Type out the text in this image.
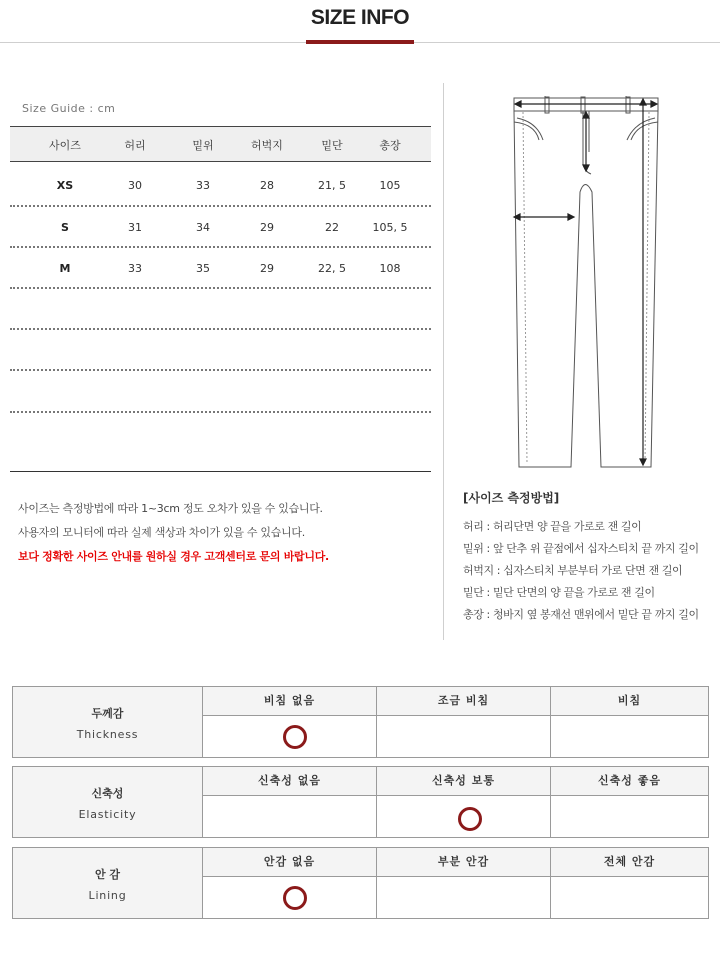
SIZE INFO
Size Guide : cm
사이즈	허리	밑위	허벅지	밑단	총장
XS	30	33	28	21, 5	105
S	31	34	29	22	105, 5
M	33	35	29	22, 5	108
사이즈는 측정방법에 따라 1~3cm 정도 오차가 있을 수 있습니다.
사용자의 모니터에 따라 실제 색상과 차이가 있을 수 있습니다.
보다 정확한 사이즈 안내를 원하실 경우 고객센터로 문의 바랍니다.
[사이즈 측정방법]
허리 : 허리단면 양 끝을 가로로 잰 길이
밑위 : 앞 단추 위 끝점에서 십자스티치 끝 까지 길이
허벅지 : 십자스티치 부분부터 가로 단면 잰 길이
밑단 : 밑단 단면의 양 끝을 가로로 잰 길이
총장 : 청바지 옆 봉재선 맨위에서 밑단 끝 까지 길이
두께감
Thickness
비침 없음	조금 비침	비침
신축성
Elasticity
신축성 없음	신축성 보통	신축성 좋음
안 감
Lining
안감 없음	부분 안감	전체 안감
